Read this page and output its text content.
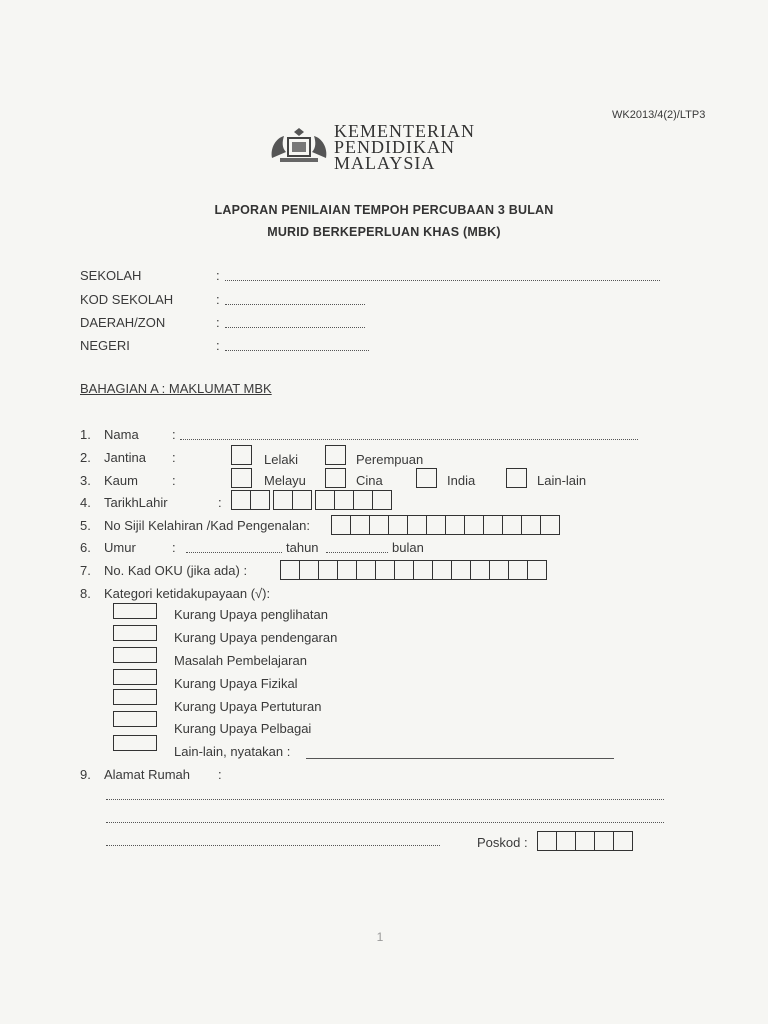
WK2013/4(2)/LTP3
KEMENTERIAN
PENDIDIKAN
MALAYSIA
LAPORAN PENILAIAN TEMPOH PERCUBAAN 3 BULAN
MURID BERKEPERLUAN KHAS (MBK)
SEKOLAH	:
KOD SEKOLAH	:
DAERAH/ZON	:
NEGERI	:
BAHAGIAN A : MAKLUMAT MBK
1. Nama	:
2. Jantina :	Lelaki	Perempuan
3. Kaum	:	Melayu	Cina	India	Lain-lain
4. TarikhLahir	:
5. No Sijil Kelahiran /Kad Pengenalan:
6. Umur	:	tahun	bulan
7. No. Kad OKU (jika ada) :
8. Kategori ketidakupayaan (√):
Kurang Upaya penglihatan
Kurang Upaya pendengaran
Masalah Pembelajaran
Kurang Upaya Fizikal
Kurang Upaya Pertuturan
Kurang Upaya Pelbagai
Lain-lain, nyatakan :
9. Alamat Rumah :
Poskod :
1
